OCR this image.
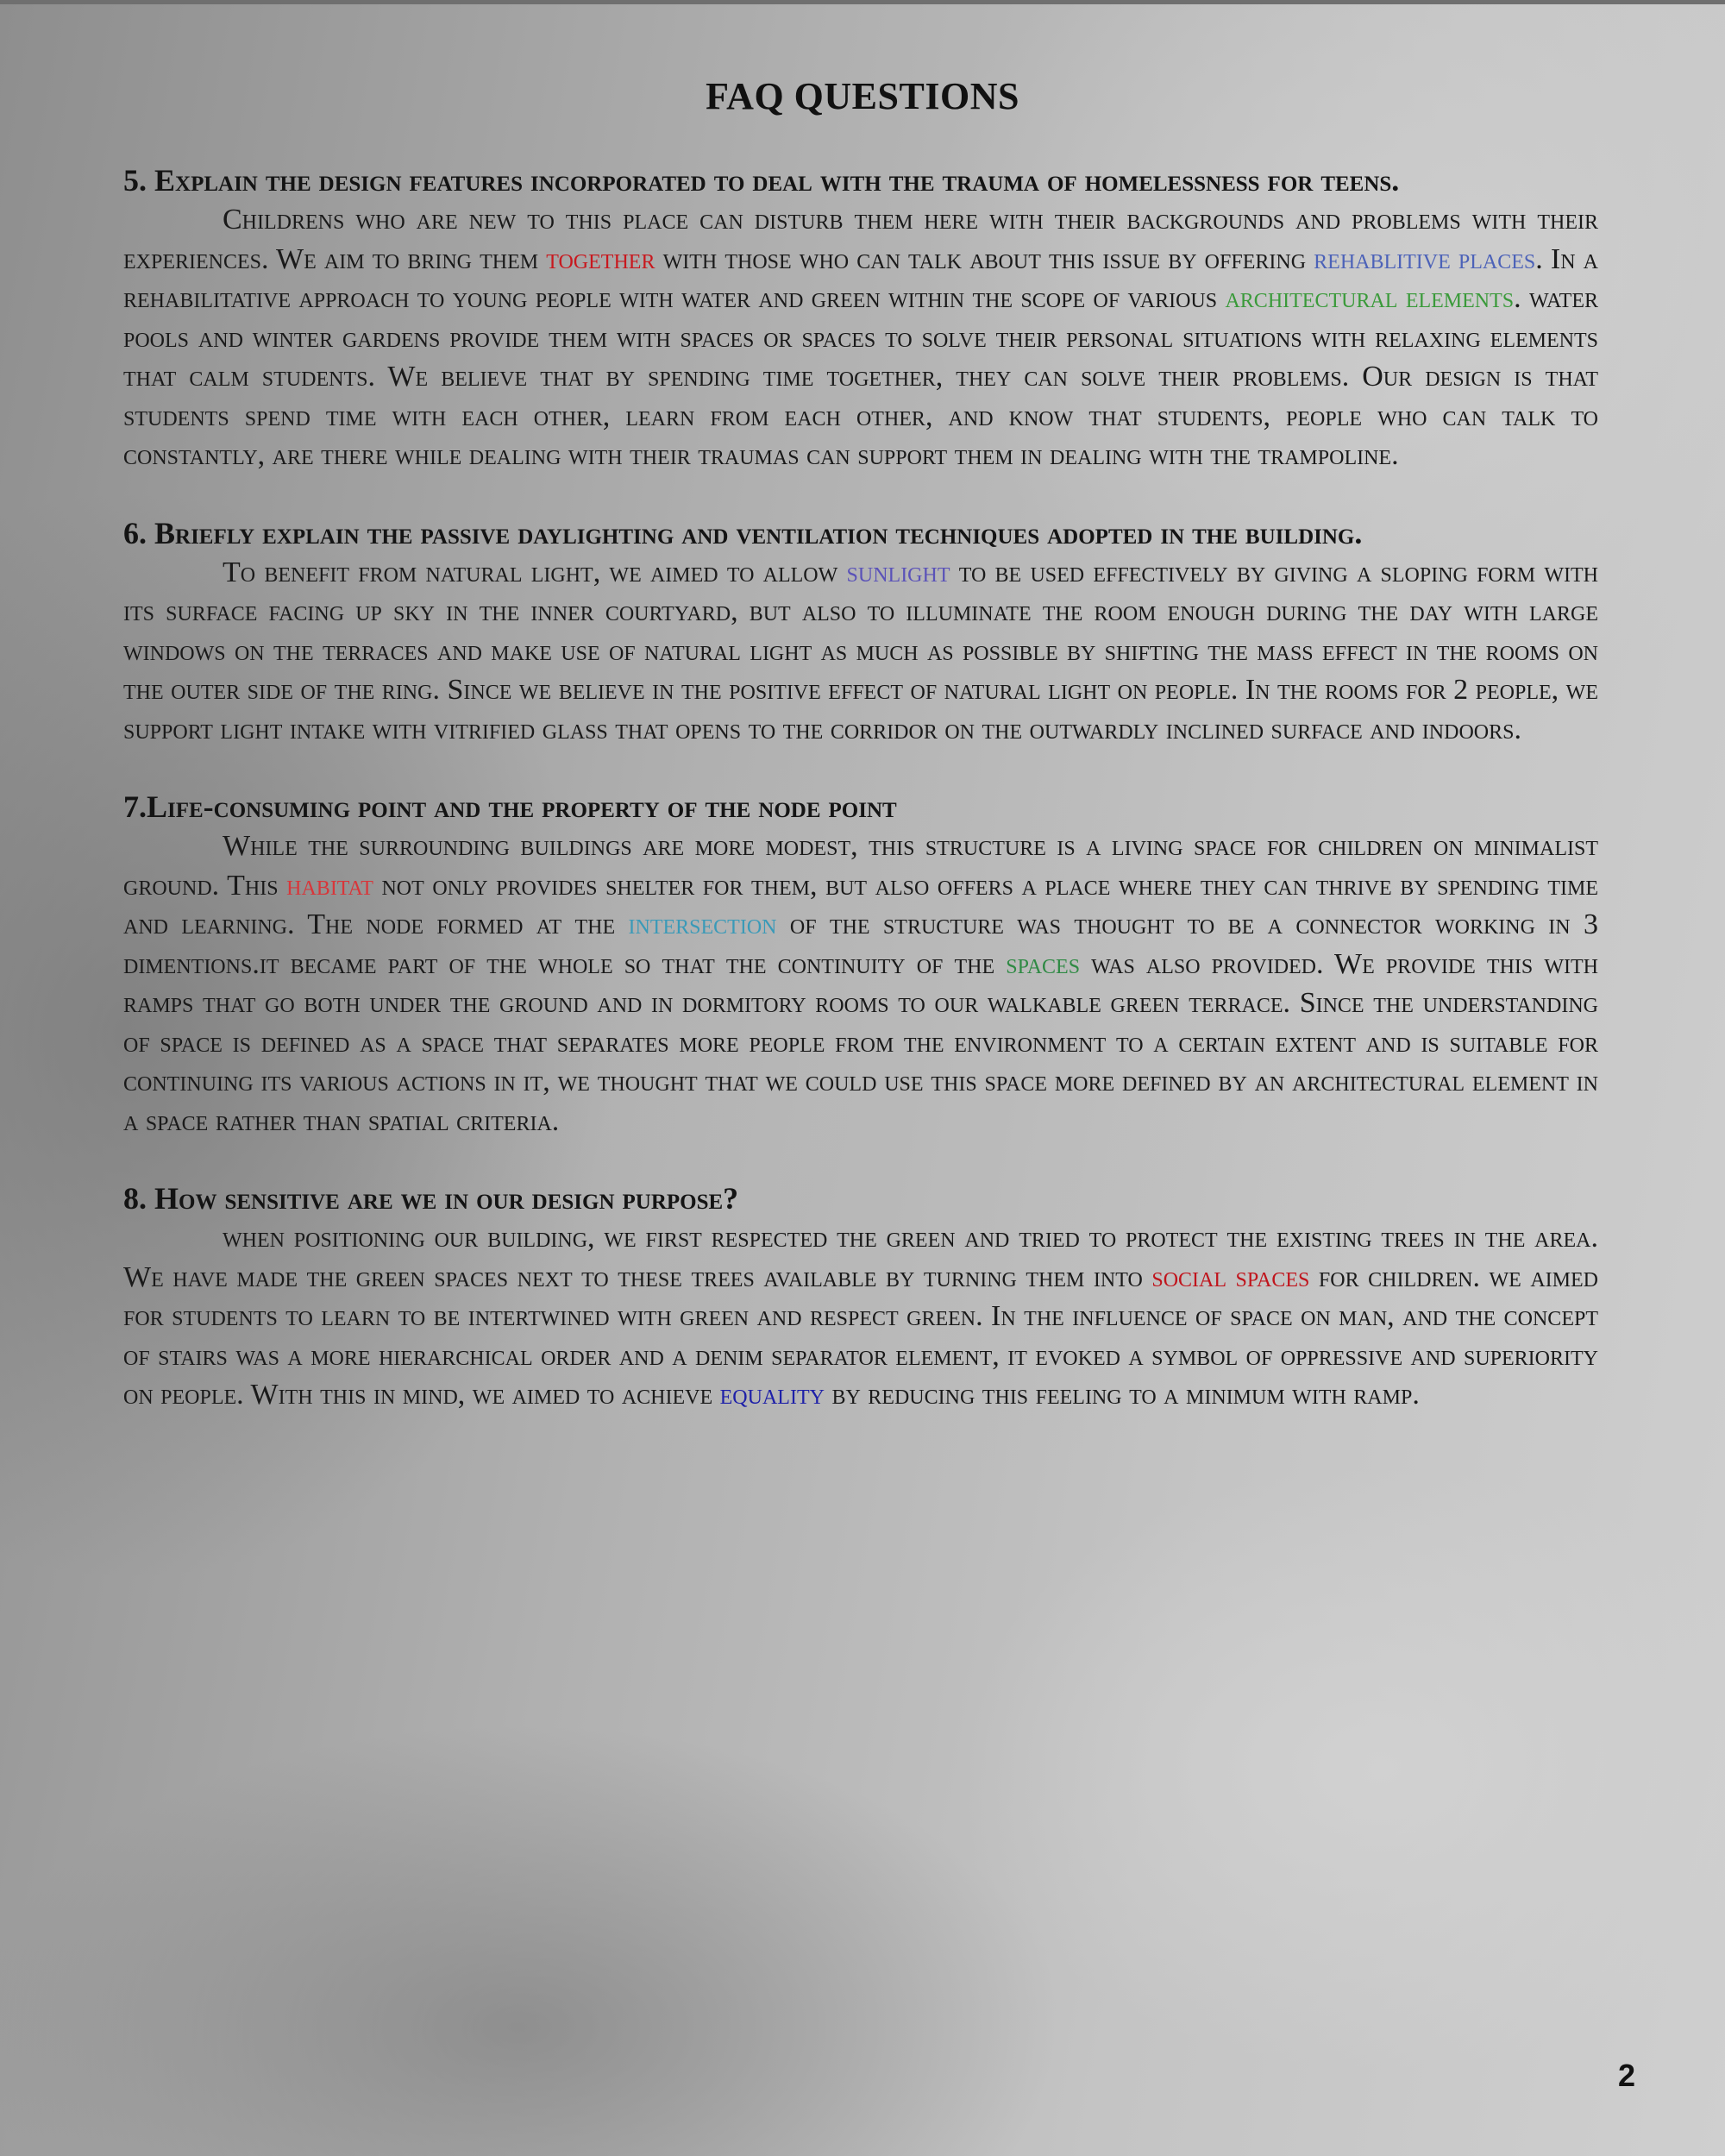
FAQ QUESTIONS

5. Explain the design features incorporated to deal with the trauma of homelessness for teens.

Childrens who are new to this place can disturb them here with their backgrounds and problems with their experiences. We aim to bring them together with those who can talk about this issue by offering rehablitive places. In a rehabilitative approach to young people with water and green within the scope of various architectural elements. water pools and winter gardens provide them with spaces or spaces to solve their personal situations with relaxing elements that calm students. We believe that by spending time together, they can solve their problems. Our design is that students spend time with each other, learn from each other, and know that students, people who can talk to constantly, are there while dealing with their traumas can support them in dealing with the trampoline.

6. Briefly explain the passive daylighting and ventilation techniques adopted in the building.

To benefit from natural light, we aimed to allow sunlight to be used effectively by giving a sloping form with its surface facing up sky in the inner courtyard, but also to illuminate the room enough during the day with large windows on the terraces and make use of natural light as much as possible by shifting the mass effect in the rooms on the outer side of the ring. Since we believe in the positive effect of natural light on people. In the rooms for 2 people, we support light intake with vitrified glass that opens to the corridor on the outwardly inclined surface and indoors.

7.Life-consuming point and the property of the node point

While the surrounding buildings are more modest, this structure is a living space for children on minimalist ground. This habitat not only provides shelter for them, but also offers a place where they can thrive by spending time and learning. The node formed at the intersection of the structure was thought to be a connector working in 3 dimentions.it became part of the whole so that the continuity of the spaces was also provided. We provide this with ramps that go both under the ground and in dormitory rooms to our walkable green terrace. Since the understanding of space is defined as a space that separates more people from the environment to a certain extent and is suitable for continuing its various actions in it, we thought that we could use this space more defined by an architectural element in a space rather than spatial criteria.

8. How sensitive are we in our design purpose?

when positioning our building, we first respected the green and tried to protect the existing trees in the area. We have made the green spaces next to these trees available by turning them into social spaces for children. we aimed for students to learn to be intertwined with green and respect green. In the influence of space on man, and the concept of stairs was a more hierarchical order and a denim separator element, it evoked a symbol of oppressive and superiority on people. With this in mind, we aimed to achieve equality by reducing this feeling to a minimum with ramp.

2
